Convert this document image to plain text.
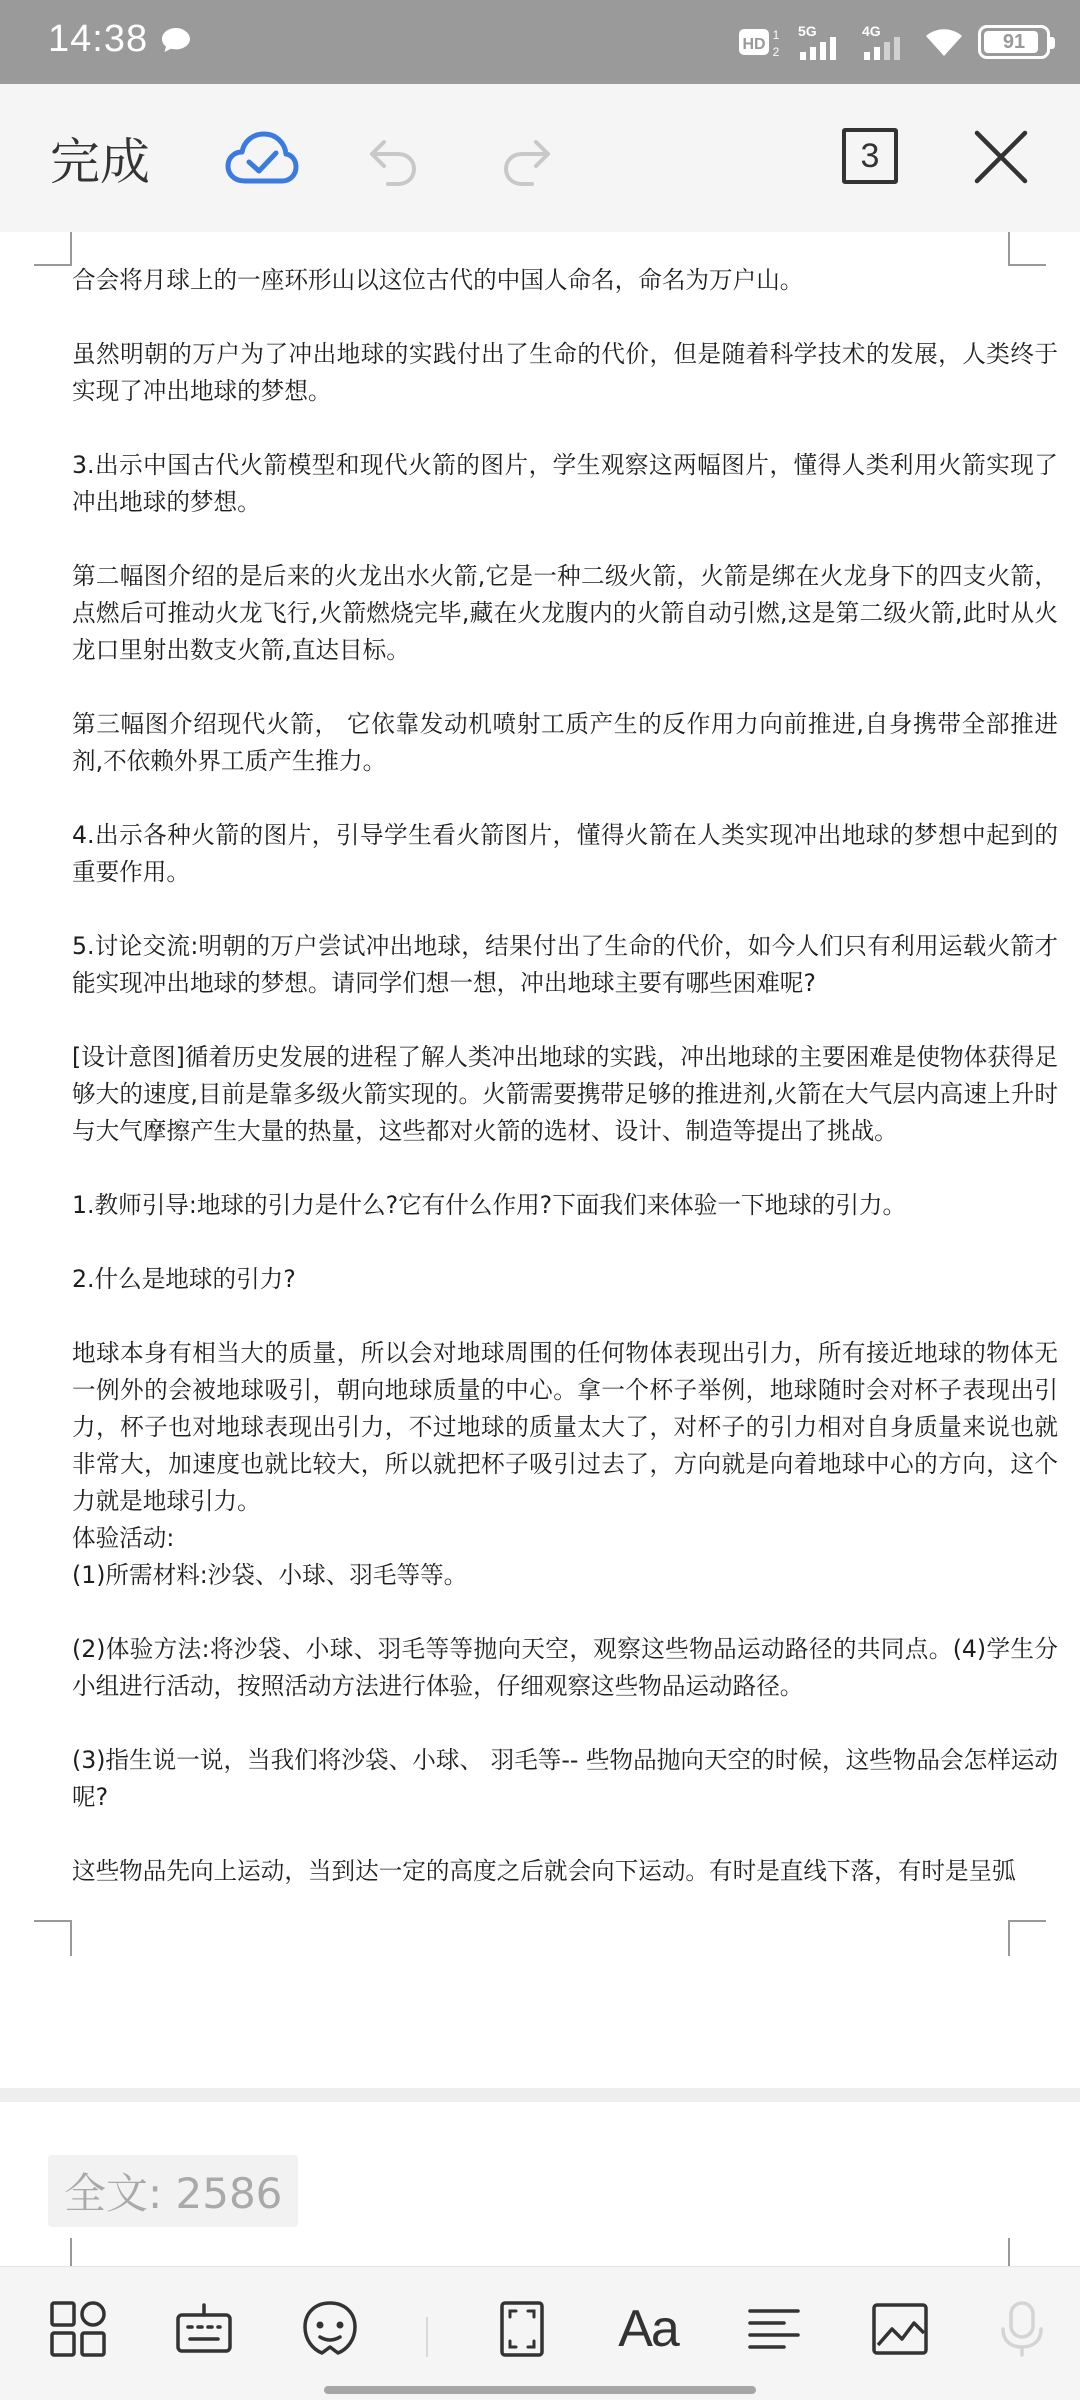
14:38	HD
1
2
5G	4G	91
完成	3

合会将月球上的一座环形山以这位古代的中国人命名，命名为万户山。

虽然明朝的万户为了冲出地球的实践付出了生命的代价，但是随着科学技术的发展，人类终于实现了冲出地球的梦想。

3.出示中国古代火箭模型和现代火箭的图片，学生观察这两幅图片，懂得人类利用火箭实现了冲出地球的梦想。

第二幅图介绍的是后来的火龙出水火箭,它是一种二级火箭，火箭是绑在火龙身下的四支火箭，点燃后可推动火龙飞行,火箭燃烧完毕,藏在火龙腹内的火箭自动引燃,这是第二级火箭,此时从火龙口里射出数支火箭,直达目标。

第三幅图介绍现代火箭， 它依靠发动机喷射工质产生的反作用力向前推进,自身携带全部推进剂,不依赖外界工质产生推力。

4.出示各种火箭的图片，引导学生看火箭图片，懂得火箭在人类实现冲出地球的梦想中起到的重要作用。

5.讨论交流:明朝的万户尝试冲出地球，结果付出了生命的代价，如今人们只有利用运载火箭才能实现冲出地球的梦想。请同学们想一想，冲出地球主要有哪些困难呢?

[设计意图]循着历史发展的进程了解人类冲出地球的实践，冲出地球的主要困难是使物体获得足够大的速度,目前是靠多级火箭实现的。火箭需要携带足够的推进剂,火箭在大气层内高速上升时与大气摩擦产生大量的热量，这些都对火箭的选材、设计、制造等提出了挑战。

1.教师引导:地球的引力是什么?它有什么作用?下面我们来体验一下地球的引力。

2.什么是地球的引力?

地球本身有相当大的质量，所以会对地球周围的任何物体表现出引力，所有接近地球的物体无一例外的会被地球吸引，朝向地球质量的中心。拿一个杯子举例，地球随时会对杯子表现出引力，杯子也对地球表现出引力，不过地球的质量太大了，对杯子的引力相对自身质量来说也就非常大，加速度也就比较大，所以就把杯子吸引过去了，方向就是向着地球中心的方向，这个力就是地球引力。

体验活动:

(1)所需材料:沙袋、小球、羽毛等等。

(2)体验方法:将沙袋、小球、羽毛等等抛向天空，观察这些物品运动路径的共同点。(4)学生分小组进行活动，按照活动方法进行体验，仔细观察这些物品运动路径。

(3)指生说一说，当我们将沙袋、小球、 羽毛等-- 些物品抛向天空的时候，这些物品会怎样运动呢?

这些物品先向上运动，当到达一定的高度之后就会向下运动。有时是直线下落，有时是呈弧

全文: 2586
Aa
